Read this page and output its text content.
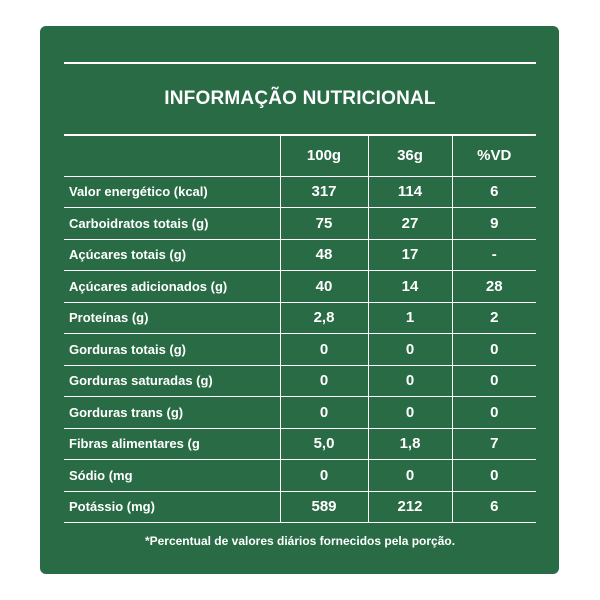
INFORMAÇÃO NUTRICIONAL
	100g	36g	%VD
Valor energético (kcal)	317	114	6
Carboidratos totais (g)	75	27	9
Açúcares totais (g)	48	17	-
Açúcares adicionados (g)	40	14	28
Proteínas (g)	2,8	1	2
Gorduras totais (g)	0	0	0
Gorduras saturadas (g)	0	0	0
Gorduras trans (g)	0	0	0
Fibras alimentares (g	5,0	1,8	7
Sódio (mg	0	0	0
Potássio (mg)	589	212	6
*Percentual de valores diários fornecidos pela porção.
